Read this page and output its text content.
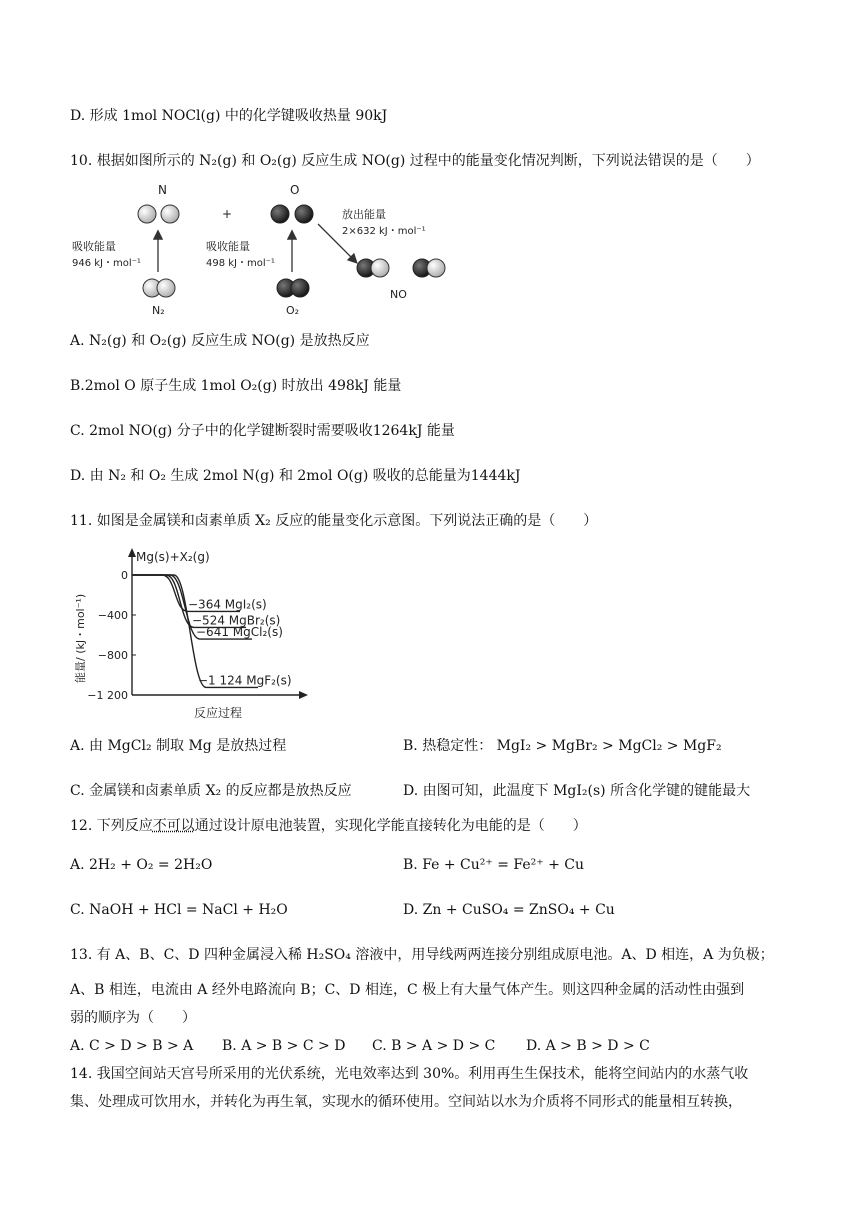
D. 形成 1mol NOCl(g) 中的化学键吸收热量 90kJ
10. 根据如图所示的 N₂(g) 和 O₂(g) 反应生成 NO(g) 过程中的能量变化情况判断，下列说法错误的是（　　）
N
+
O
吸收能量
946 kJ・mol⁻¹
吸收能量
498 kJ・mol⁻¹
放出能量
2×632 kJ・mol⁻¹
N₂	O₂
NO
A. N₂(g) 和 O₂(g) 反应生成 NO(g) 是放热反应
B.2mol O 原子生成 1mol O₂(g) 时放出 498kJ 能量
C. 2mol NO(g) 分子中的化学键断裂时需要吸收1264kJ 能量
D. 由 N₂ 和 O₂ 生成 2mol N(g) 和 2mol O(g) 吸收的总能量为1444kJ
11. 如图是金属镁和卤素单质 X₂ 反应的能量变化示意图。下列说法正确的是（　　）
Mg(s)+X₂(g)
能量/ (kJ・mol⁻¹)
反应过程
0
−400
−800
−1 200
−364 MgI₂(s)
−524 MgBr₂(s)
−641 MgCl₂(s)
−1 124 MgF₂(s)
A. 由 MgCl₂ 制取 Mg 是放热过程	B. 热稳定性： MgI₂ > MgBr₂ > MgCl₂ > MgF₂
C. 金属镁和卤素单质 X₂ 的反应都是放热反应	D. 由图可知，此温度下 MgI₂(s) 所含化学键的键能最大
12. 下列反应不可以通过设计原电池装置，实现化学能直接转化为电能的是（　　）
A. 2H₂ + O₂ = 2H₂O	B. Fe + Cu²⁺ = Fe²⁺ + Cu
C. NaOH + HCl = NaCl + H₂O	D. Zn + CuSO₄ = ZnSO₄ + Cu
13. 有 A、B、C、D 四种金属浸入稀 H₂SO₄ 溶液中，用导线两两连接分别组成原电池。A、D 相连，A 为负极；
A、B 相连，电流由 A 经外电路流向 B；C、D 相连，C 极上有大量气体产生。则这四种金属的活动性由强到
弱的顺序为（　　）
A. C > D > B > A B. A > B > C > D C. B > A > D > C D. A > B > D > C
14. 我国空间站天宫号所采用的光伏系统，光电效率达到 30%。利用再生生保技术，能将空间站内的水蒸气收
集、处理成可饮用水，并转化为再生氧，实现水的循环使用。空间站以水为介质将不同形式的能量相互转换，
